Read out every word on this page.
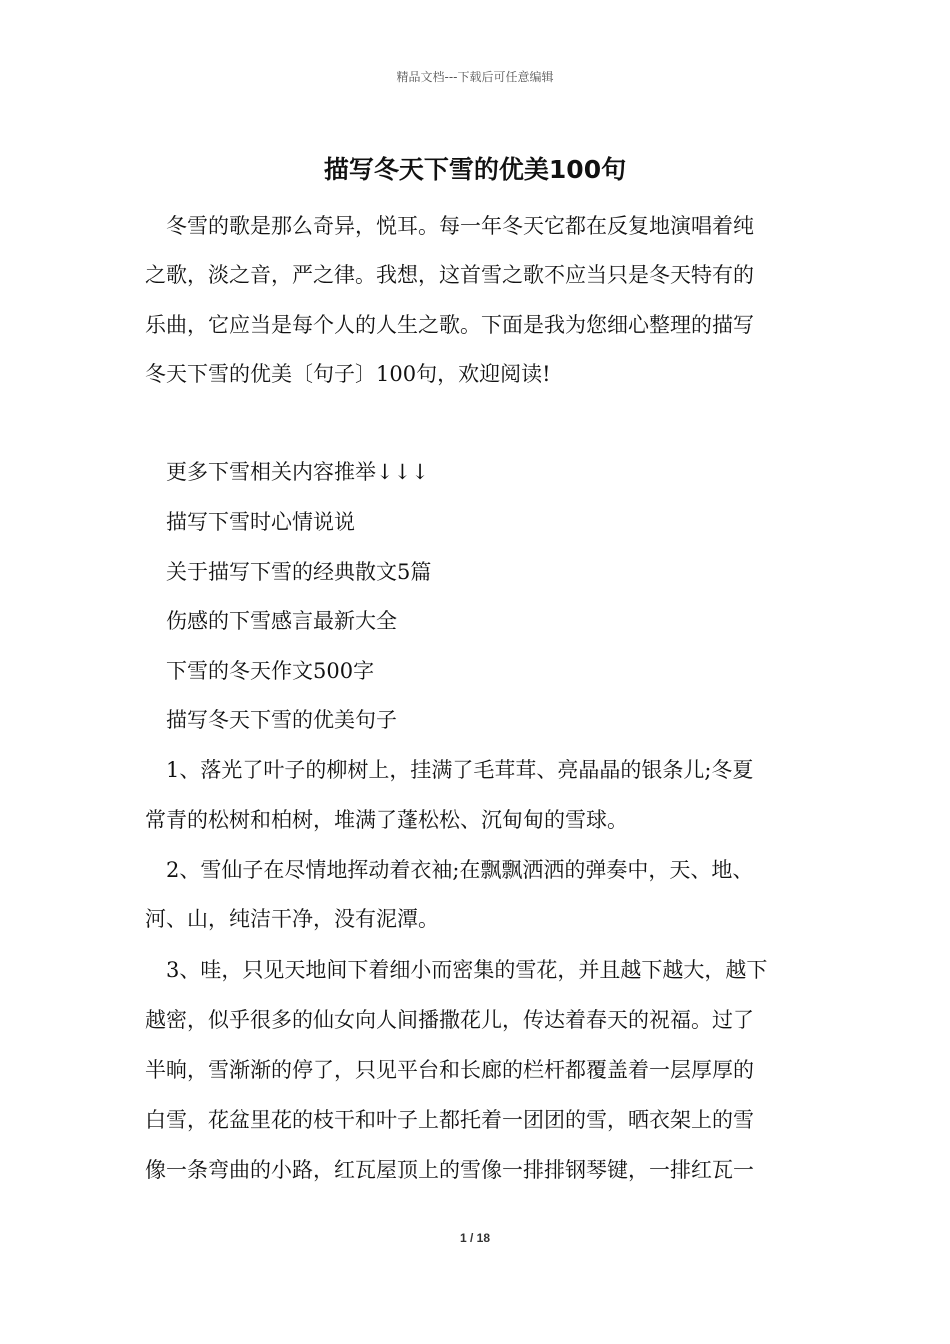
精品文档---下载后可任意编辑
描写冬天下雪的优美100句
冬雪的歌是那么奇异，悦耳。每一年冬天它都在反复地演唱着纯
之歌，淡之音，严之律。我想，这首雪之歌不应当只是冬天特有的
乐曲，它应当是每个人的人生之歌。下面是我为您细心整理的描写
冬天下雪的优美〔句子〕100句，欢迎阅读!
更多下雪相关内容推举↓↓↓
描写下雪时心情说说
关于描写下雪的经典散文5篇
伤感的下雪感言最新大全
下雪的冬天作文500字
描写冬天下雪的优美句子
1、落光了叶子的柳树上，挂满了毛茸茸、亮晶晶的银条儿;冬夏
常青的松树和柏树，堆满了蓬松松、沉甸甸的雪球。
2、雪仙子在尽情地挥动着衣袖;在飘飘洒洒的弹奏中，天、地、
河、山，纯洁干净，没有泥潭。
3、哇，只见天地间下着细小而密集的雪花，并且越下越大，越下
越密，似乎很多的仙女向人间播撒花儿，传达着春天的祝福。过了
半晌，雪渐渐的停了，只见平台和长廊的栏杆都覆盖着一层厚厚的
白雪，花盆里花的枝干和叶子上都托着一团团的雪，晒衣架上的雪
像一条弯曲的小路，红瓦屋顶上的雪像一排排钢琴键，一排红瓦一
1 / 18
